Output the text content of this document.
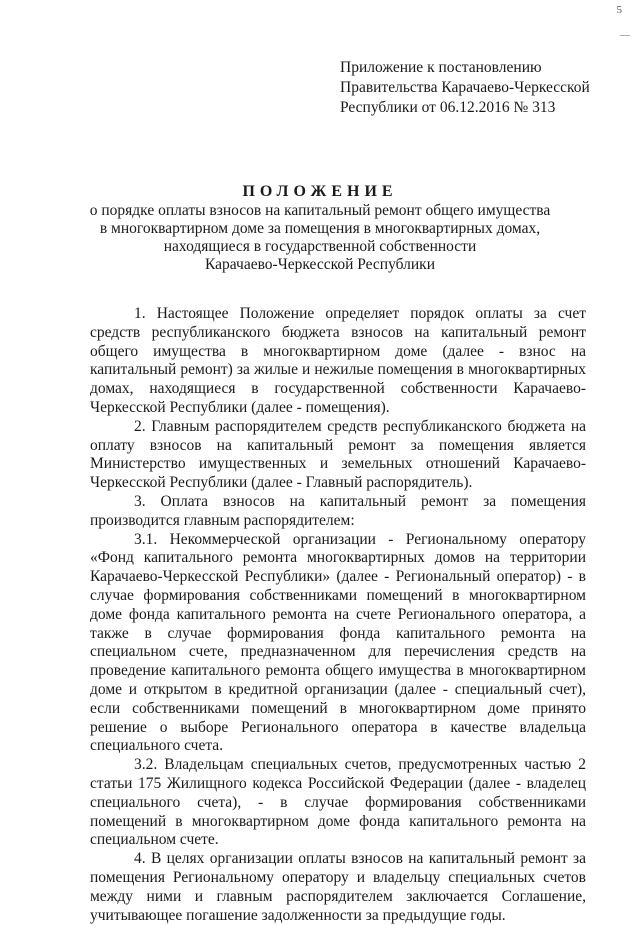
5
—
Приложение к постановлению
Правительства Карачаево-Черкесской
Республики от 06.12.2016 № 313
ПОЛОЖЕНИЕ
о порядке оплаты взносов на капитальный ремонт общего имущества
в многоквартирном доме за помещения в многоквартирных домах,
находящиеся в государственной собственности
Карачаево-Черкесской Республики

1. Настоящее Положение определяет порядок оплаты за счет средств республиканского бюджета взносов на капитальный ремонт общего имущества в многоквартирном доме (далее - взнос на капитальный ремонт) за жилые и нежилые помещения в многоквартирных домах, находящиеся в государственной собственности Карачаево-Черкесской Республики (далее - помещения).

2. Главным распорядителем средств республиканского бюджета на оплату взносов на капитальный ремонт за помещения является Министерство имущественных и земельных отношений Карачаево-Черкесской Республики (далее - Главный распорядитель).

3. Оплата взносов на капитальный ремонт за помещения производится главным распорядителем:

3.1. Некоммерческой организации - Региональному оператору «Фонд капитального ремонта многоквартирных домов на территории Карачаево-Черкесской Республики» (далее - Региональный оператор) - в случае формирования собственниками помещений в многоквартирном доме фонда капитального ремонта на счете Регионального оператора, а также в случае формирования фонда капитального ремонта на специальном счете, предназначенном для перечисления средств на проведение капитального ремонта общего имущества в многоквартирном доме и открытом в кредитной организации (далее - специальный счет), если собственниками помещений в многоквартирном доме принято решение о выборе Регионального оператора в качестве владельца специального счета.

3.2. Владельцам специальных счетов, предусмотренных частью 2 статьи 175 Жилищного кодекса Российской Федерации (далее - владелец специального счета), - в случае формирования собственниками помещений в многоквартирном доме фонда капитального ремонта на специальном счете.

4. В целях организации оплаты взносов на капитальный ремонт за помещения Региональному оператору и владельцу специальных счетов между ними и главным распорядителем заключается Соглашение, учитывающее погашение задолженности за предыдущие годы.
